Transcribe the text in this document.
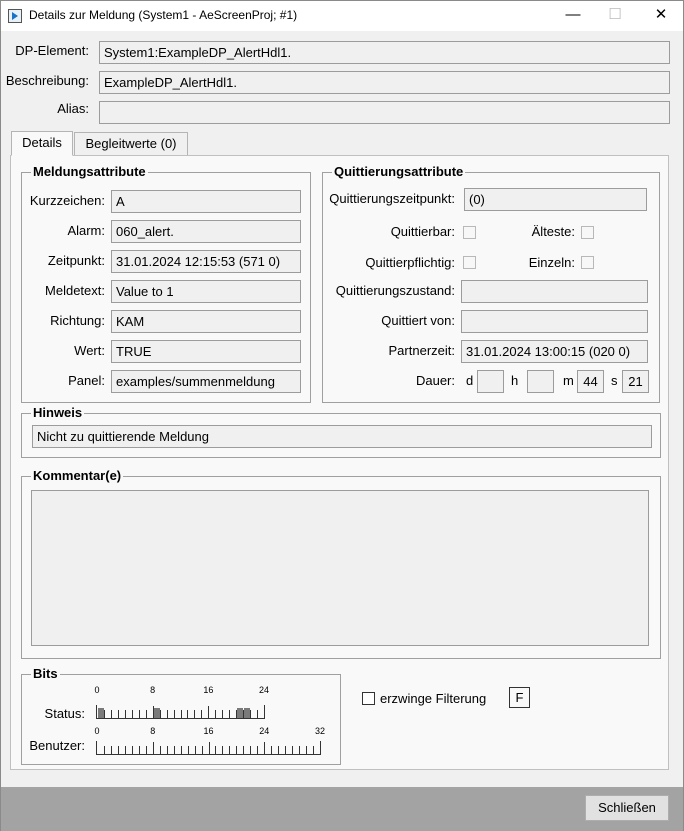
Details zur Meldung (System1 - AeScreenProj; #1)	—	☐	✕
DP-Element:	System1:ExampleDP_AlertHdl1.
Beschreibung:	ExampleDP_AlertHdl1.
Alias:
Details	Begleitwerte (0)
Meldungsattribute
Kurzzeichen: A
Alarm: 060_alert.
Zeitpunkt: 31.01.2024 12:15:53 (571 0)
Meldetext: Value to 1
Richtung: KAM
Wert: TRUE
Panel: examples/summenmeldung
Quittierungsattribute
Quittierungszeitpunkt:	(0)
Quittierbar:	Älteste:
Quittierpflichtig:	Einzeln:
Quittierungszustand:
Quittiert von:
Partnerzeit: 31.01.2024 13:00:15 (020 0)
Dauer: d	h	m 44	s 21
Hinweis
Nicht zu quittierende Meldung
Kommentar(e)
Bits
Status:
0	8	16	24
Benutzer:
0	8	16	24	32
erzwinge Filterung	F
Schließen
